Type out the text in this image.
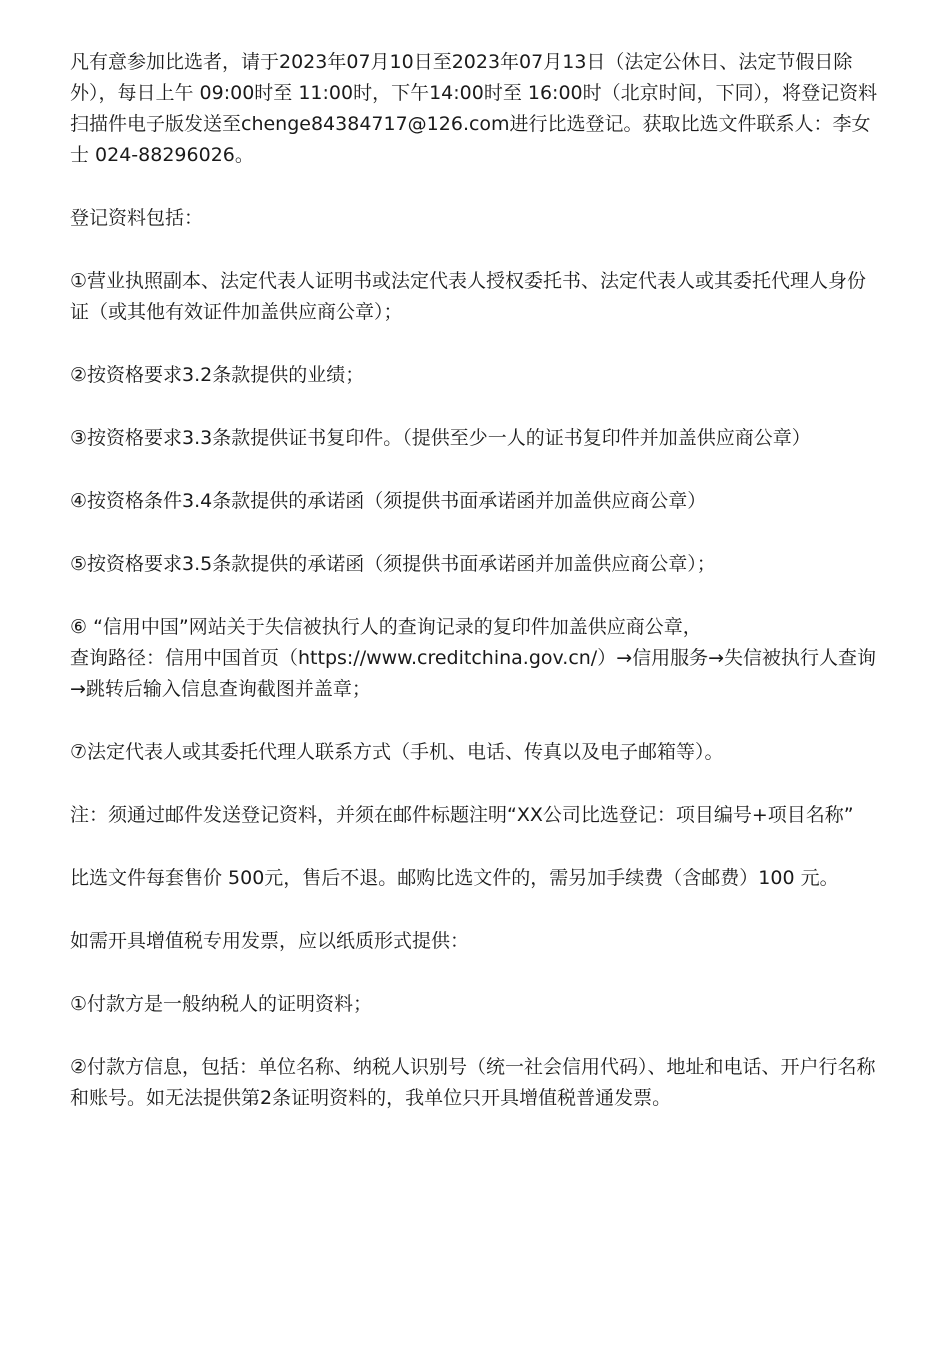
凡有意参加比选者，请于2023年07月10日至2023年07月13日（法定公休日、法定节假日除外），每日上午 09:00时至 11:00时，下午14:00时至 16:00时（北京时间，下同），将登记资料扫描件电子版发送至chenge84384717@126.com进行比选登记。获取比选文件联系人：李女士 024-88296026。

登记资料包括：

①营业执照副本、法定代表人证明书或法定代表人授权委托书、法定代表人或其委托代理人身份证（或其他有效证件加盖供应商公章）；

②按资格要求3.2条款提供的业绩；

③按资格要求3.3条款提供证书复印件。（提供至少一人的证书复印件并加盖供应商公章）

④按资格条件3.4条款提供的承诺函（须提供书面承诺函并加盖供应商公章）

⑤按资格要求3.5条款提供的承诺函（须提供书面承诺函并加盖供应商公章）；

⑥ “信用中国”网站关于失信被执行人的查询记录的复印件加盖供应商公章，
查询路径：信用中国首页（https://www.creditchina.gov.cn/）→信用服务→失信被执行人查询→跳转后输入信息查询截图并盖章；

⑦法定代表人或其委托代理人联系方式（手机、电话、传真以及电子邮箱等）。

注：须通过邮件发送登记资料，并须在邮件标题注明“XX公司比选登记：项目编号+项目名称”

比选文件每套售价 500元，售后不退。邮购比选文件的，需另加手续费（含邮费）100 元。

如需开具增值税专用发票，应以纸质形式提供：

①付款方是一般纳税人的证明资料；

②付款方信息，包括：单位名称、纳税人识别号（统一社会信用代码）、地址和电话、开户行名称和账号。如无法提供第2条证明资料的，我单位只开具增值税普通发票。
